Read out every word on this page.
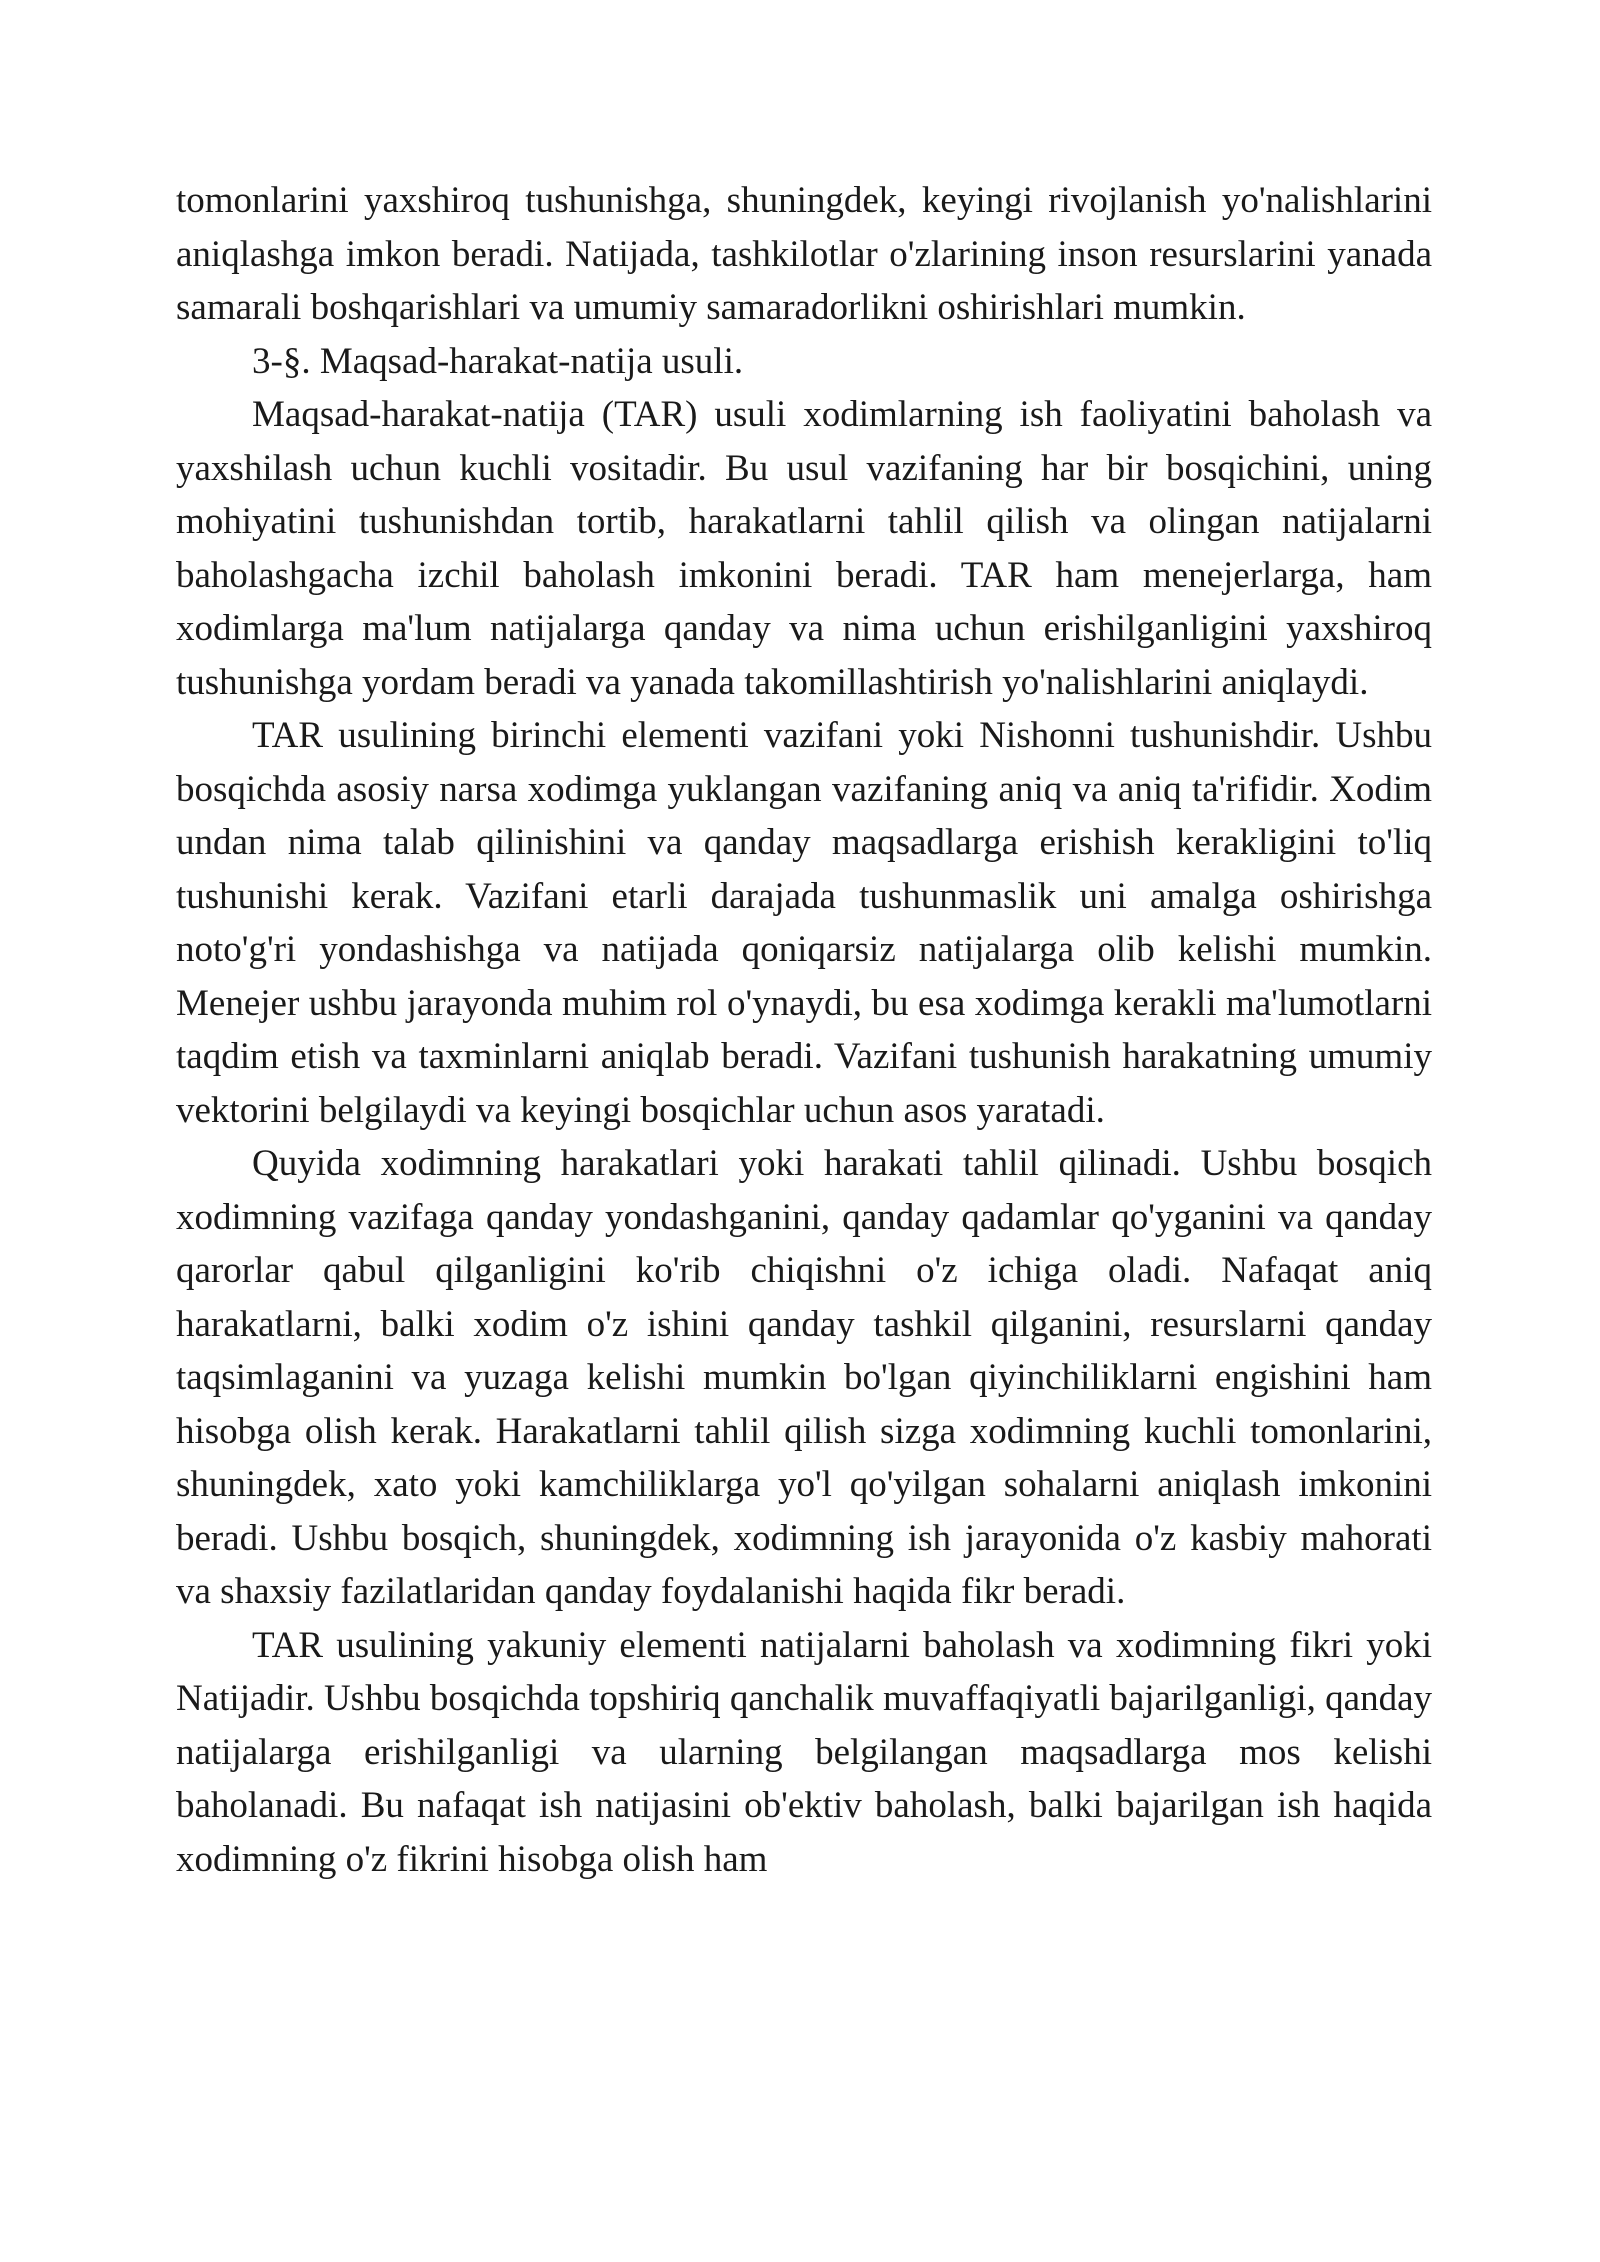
tomonlarini yaxshiroq tushunishga, shuningdek, keyingi rivojlanish yo'nalishlarini aniqlashga imkon beradi. Natijada, tashkilotlar o'zlarining inson resurslarini yanada samarali boshqarishlari va umumiy samaradorlikni oshirishlari mumkin.

3-§. Maqsad-harakat-natija usuli.

Maqsad-harakat-natija (TAR) usuli xodimlarning ish faoliyatini baholash va yaxshilash uchun kuchli vositadir. Bu usul vazifaning har bir bosqichini, uning mohiyatini tushunishdan tortib, harakatlarni tahlil qilish va olingan natijalarni baholashgacha izchil baholash imkonini beradi. TAR ham menejerlarga, ham xodimlarga ma'lum natijalarga qanday va nima uchun erishilganligini yaxshiroq tushunishga yordam beradi va yanada takomillashtirish yo'nalishlarini aniqlaydi.

TAR usulining birinchi elementi vazifani yoki Nishonni tushunishdir. Ushbu bosqichda asosiy narsa xodimga yuklangan vazifaning aniq va aniq ta'rifidir. Xodim undan nima talab qilinishini va qanday maqsadlarga erishish kerakligini to'liq tushunishi kerak. Vazifani etarli darajada tushunmaslik uni amalga oshirishga noto'g'ri yondashishga va natijada qoniqarsiz natijalarga olib kelishi mumkin. Menejer ushbu jarayonda muhim rol o'ynaydi, bu esa xodimga kerakli ma'lumotlarni taqdim etish va taxminlarni aniqlab beradi. Vazifani tushunish harakatning umumiy vektorini belgilaydi va keyingi bosqichlar uchun asos yaratadi.

Quyida xodimning harakatlari yoki harakati tahlil qilinadi. Ushbu bosqich xodimning vazifaga qanday yondashganini, qanday qadamlar qo'yganini va qanday qarorlar qabul qilganligini ko'rib chiqishni o'z ichiga oladi. Nafaqat aniq harakatlarni, balki xodim o'z ishini qanday tashkil qilganini, resurslarni qanday taqsimlaganini va yuzaga kelishi mumkin bo'lgan qiyinchiliklarni engishini ham hisobga olish kerak. Harakatlarni tahlil qilish sizga xodimning kuchli tomonlarini, shuningdek, xato yoki kamchiliklarga yo'l qo'yilgan sohalarni aniqlash imkonini beradi. Ushbu bosqich, shuningdek, xodimning ish jarayonida o'z kasbiy mahorati va shaxsiy fazilatlaridan qanday foydalanishi haqida fikr beradi.

TAR usulining yakuniy elementi natijalarni baholash va xodimning fikri yoki Natijadir. Ushbu bosqichda topshiriq qanchalik muvaffaqiyatli bajarilganligi, qanday natijalarga erishilganligi va ularning belgilangan maqsadlarga mos kelishi baholanadi. Bu nafaqat ish natijasini ob'ektiv baholash, balki bajarilgan ish haqida xodimning o'z fikrini hisobga olish ham
